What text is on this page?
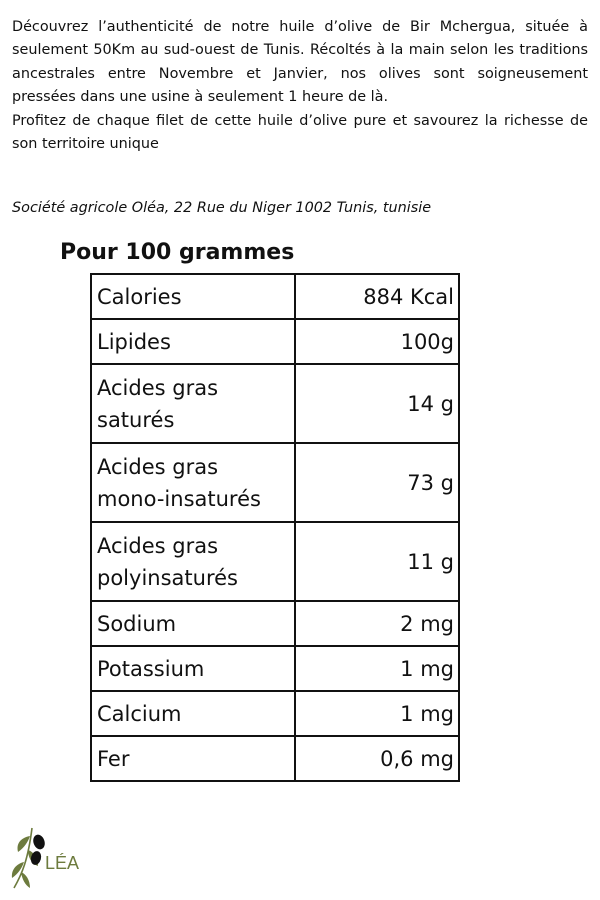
Découvrez l’authenticité de notre huile d’olive de Bir Mchergua, située à seulement 50Km au sud-ouest de Tunis. Récoltés à la main selon les traditions ancestrales entre Novembre et Janvier, nos olives sont soigneusement pressées dans une usine à seulement 1 heure de là.

Profitez de chaque filet de cette huile d’olive pure et savourez la richesse de son territoire unique

Société agricole Oléa, 22 Rue du Niger 1002 Tunis, tunisie

Pour 100 grammes
Calories	884 Kcal
Lipides	100g
Acides gras saturés	14 g
Acides gras mono-insaturés	73 g
Acides gras polyinsaturés	11 g
Sodium	2 mg
Potassium	1 mg
Calcium	1 mg
Fer	0,6 mg
LÉA
